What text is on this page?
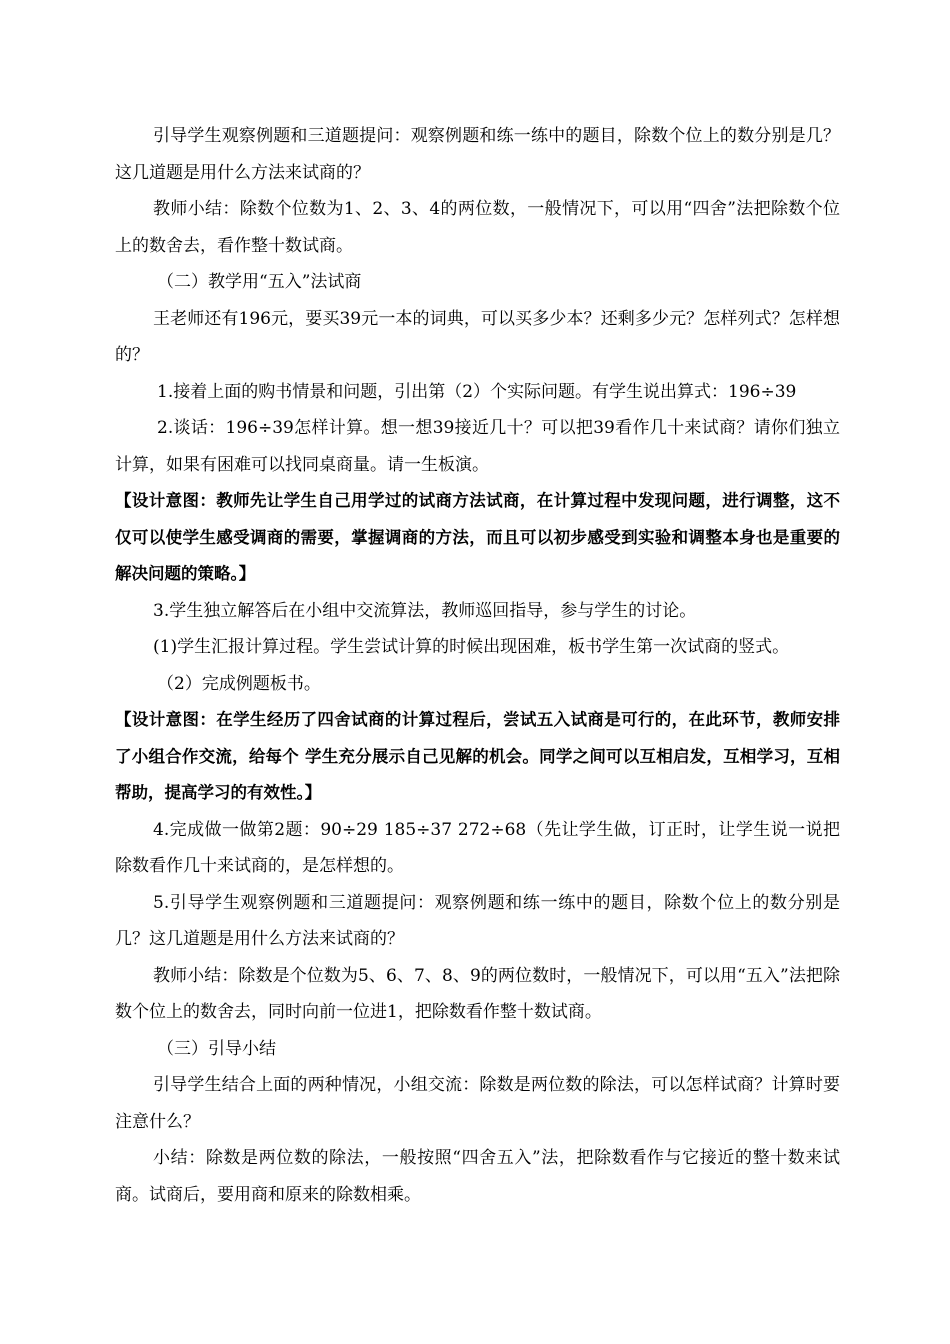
引导学生观察例题和三道题提问：观察例题和练一练中的题目，除数个位上的数分别是几？这几道题是用什么方法来试商的？

教师小结：除数个位数为1、2、3、4的两位数，一般情况下，可以用“四舍”法把除数个位上的数舍去，看作整十数试商。

（二）教学用“五入”法试商

王老师还有196元，要买39元一本的词典，可以买多少本？还剩多少元？怎样列式？怎样想的？

1.接着上面的购书情景和问题，引出第（2）个实际问题。有学生说出算式：196÷39

2.谈话：196÷39怎样计算。想一想39接近几十？可以把39看作几十来试商？请你们独立计算，如果有困难可以找同桌商量。请一生板演。

【设计意图：教师先让学生自己用学过的试商方法试商，在计算过程中发现问题，进行调整，这不仅可以使学生感受调商的需要，掌握调商的方法，而且可以初步感受到实验和调整本身也是重要的解决问题的策略。】

3.学生独立解答后在小组中交流算法，教师巡回指导，参与学生的讨论。

(1)学生汇报计算过程。学生尝试计算的时候出现困难，板书学生第一次试商的竖式。

（2）完成例题板书。

【设计意图：在学生经历了四舍试商的计算过程后，尝试五入试商是可行的，在此环节，教师安排了小组合作交流，给每个 学生充分展示自己见解的机会。同学之间可以互相启发，互相学习，互相帮助，提高学习的有效性。】

4.完成做一做第2题：90÷29 185÷37 272÷68（先让学生做，订正时，让学生说一说把除数看作几十来试商的，是怎样想的。

5.引导学生观察例题和三道题提问：观察例题和练一练中的题目，除数个位上的数分别是几？这几道题是用什么方法来试商的？

教师小结：除数是个位数为5、6、7、8、9的两位数时，一般情况下，可以用“五入”法把除数个位上的数舍去，同时向前一位进1，把除数看作整十数试商。

（三）引导小结

引导学生结合上面的两种情况，小组交流：除数是两位数的除法，可以怎样试商？计算时要注意什么？

小结：除数是两位数的除法，一般按照“四舍五入”法，把除数看作与它接近的整十数来试商。试商后，要用商和原来的除数相乘。
